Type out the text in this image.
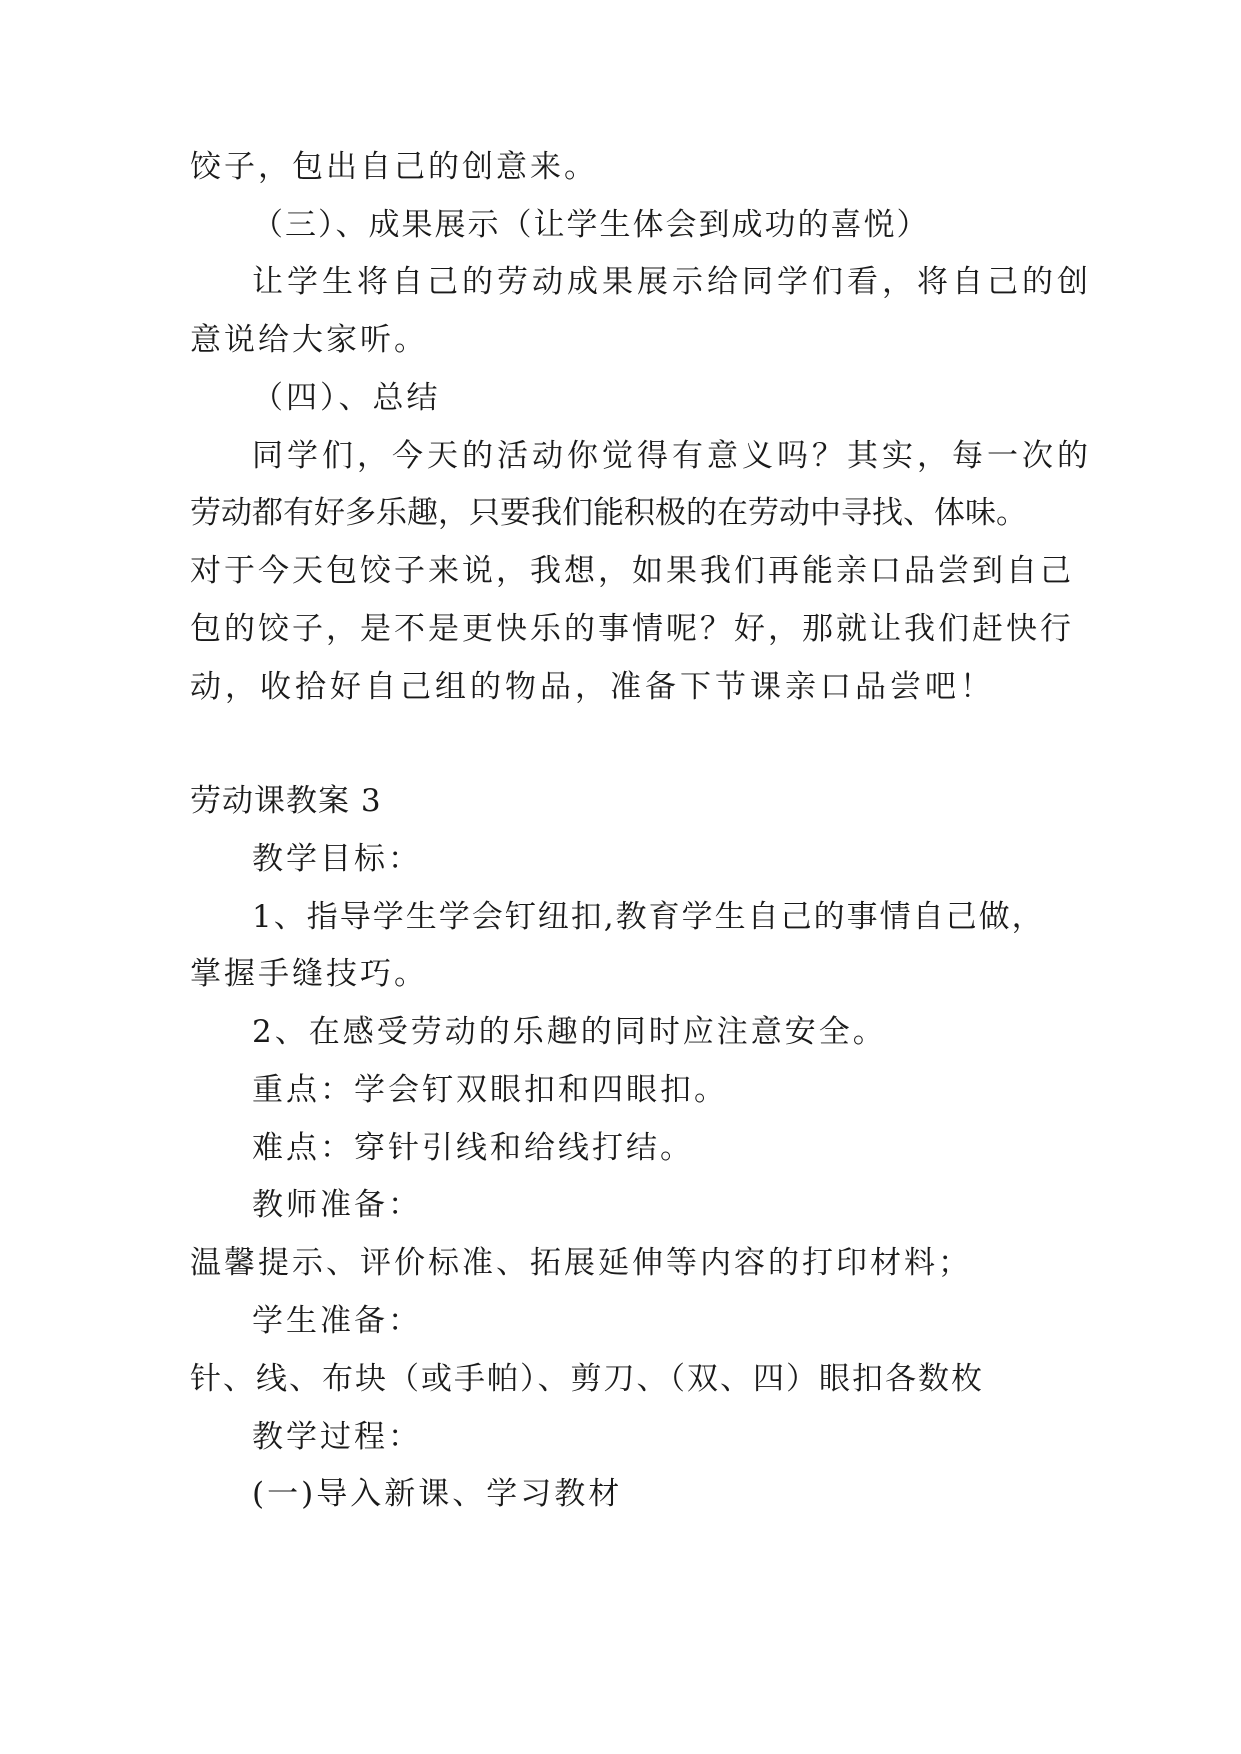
饺子，包出自己的创意来。
（三）、成果展示（让学生体会到成功的喜悦）
让学生将自己的劳动成果展示给同学们看，将自己的创
意说给大家听。
（四）、总结
同学们，今天的活动你觉得有意义吗？其实，每一次的
劳动都有好多乐趣，只要我们能积极的在劳动中寻找、体味。
对于今天包饺子来说，我想，如果我们再能亲口品尝到自己
包的饺子，是不是更快乐的事情呢？好，那就让我们赶快行
动，收拾好自己组的物品，准备下节课亲口品尝吧！
劳动课教案 3
教学目标：
1、指导学生学会钉纽扣,教育学生自己的事情自己做，
掌握手缝技巧。
2、在感受劳动的乐趣的同时应注意安全。
重点：学会钉双眼扣和四眼扣。
难点：穿针引线和给线打结。
教师准备：
温馨提示、评价标准、拓展延伸等内容的打印材料；
学生准备：
针、线、布块（或手帕）、剪刀、（双、四）眼扣各数枚
教学过程：
(一)导入新课、学习教材
